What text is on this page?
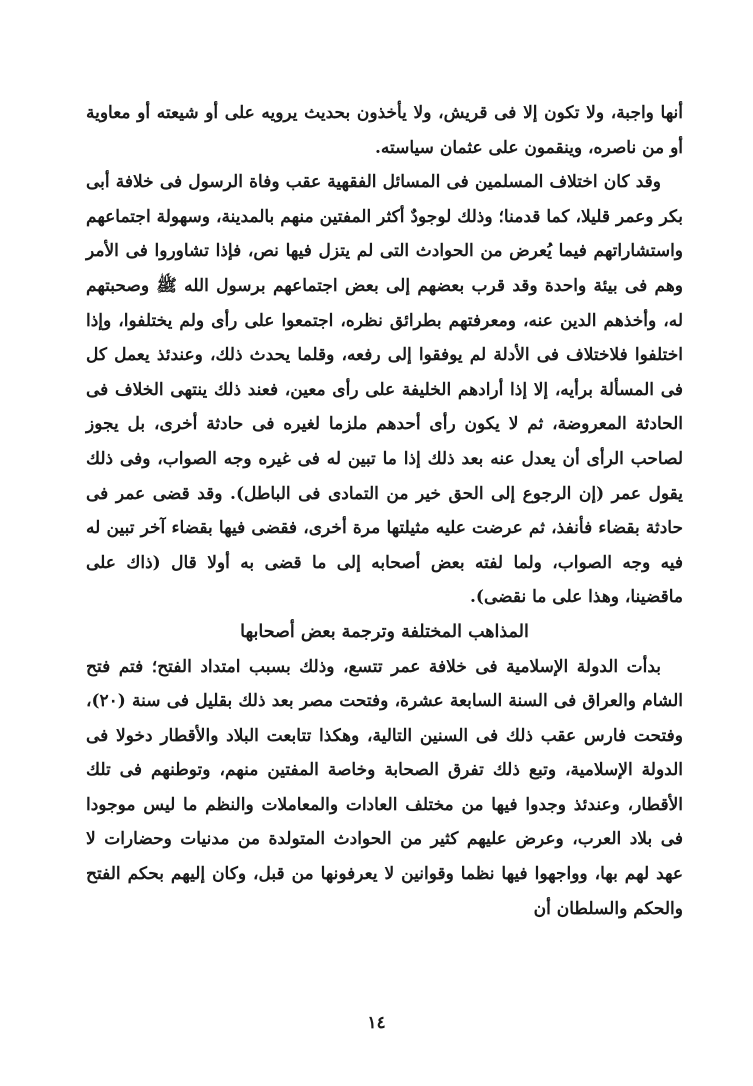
أنها واجبة، ولا تكون إلا فى قريش، ولا يأخذون بحديث يرويه على أو شيعته أو معاوية أو من ناصره، وينقمون على عثمان سياسته.

وقد كان اختلاف المسلمين فى المسائل الفقهية عقب وفاة الرسول فى خلافة أبى بكر وعمر قليلا، كما قدمنا؛ وذلك لوجودٌ أكثر المفتين منهم بالمدينة، وسهولة اجتماعهم واستشاراتهم فيما يُعرض من الحوادث التى لم يتزل فيها نص، فإذا تشاوروا فى الأمر وهم فى بيئة واحدة وقد قرب بعضهم إلى بعض اجتماعهم برسول الله ﷺ وصحبتهم له، وأخذهم الدين عنه، ومعرفتهم بطرائق نظره، اجتمعوا على رأى ولم يختلفوا، وإذا اختلفوا فلاختلاف فى الأدلة لم يوفقوا إلى رفعه، وقلما يحدث ذلك، وعندئذ يعمل كل فى المسألة برأيه، إلا إذا أرادهم الخليفة على رأى معين، فعند ذلك ينتهى الخلاف فى الحادثة المعروضة، ثم لا يكون رأى أحدهم ملزما لغيره فى حادثة أخرى، بل يجوز لصاحب الرأى أن يعدل عنه بعد ذلك إذا ما تبين له فى غيره وجه الصواب، وفى ذلك يقول عمر (إن الرجوع إلى الحق خير من التمادى فى الباطل). وقد قضى عمر فى حادثة بقضاء فأنفذ، ثم عرضت عليه مثيلتها مرة أخرى، فقضى فيها بقضاء آخر تبين له فيه وجه الصواب، ولما لفته بعض أصحابه إلى ما قضى به أولا قال (ذاك على ماقضينا، وهذا على ما نقضى).

المذاهب المختلفة وترجمة بعض أصحابها

بدأت الدولة الإسلامية فى خلافة عمر تتسع، وذلك بسبب امتداد الفتح؛ فتم فتح الشام والعراق فى السنة السابعة عشرة، وفتحت مصر بعد ذلك بقليل فى سنة (٢٠)، وفتحت فارس عقب ذلك فى السنين التالية، وهكذا تتابعت البلاد والأقطار دخولا فى الدولة الإسلامية، وتبع ذلك تفرق الصحابة وخاصة المفتين منهم، وتوطنهم فى تلك الأقطار، وعندئذ وجدوا فيها من مختلف العادات والمعاملات والنظم ما ليس موجودا فى بلاد العرب، وعرض عليهم كثير من الحوادث المتولدة من مدنيات وحضارات لا عهد لهم بها، وواجهوا فيها نظما وقوانين لا يعرفونها من قبل، وكان إليهم بحكم الفتح والحكم والسلطان أن

١٤
